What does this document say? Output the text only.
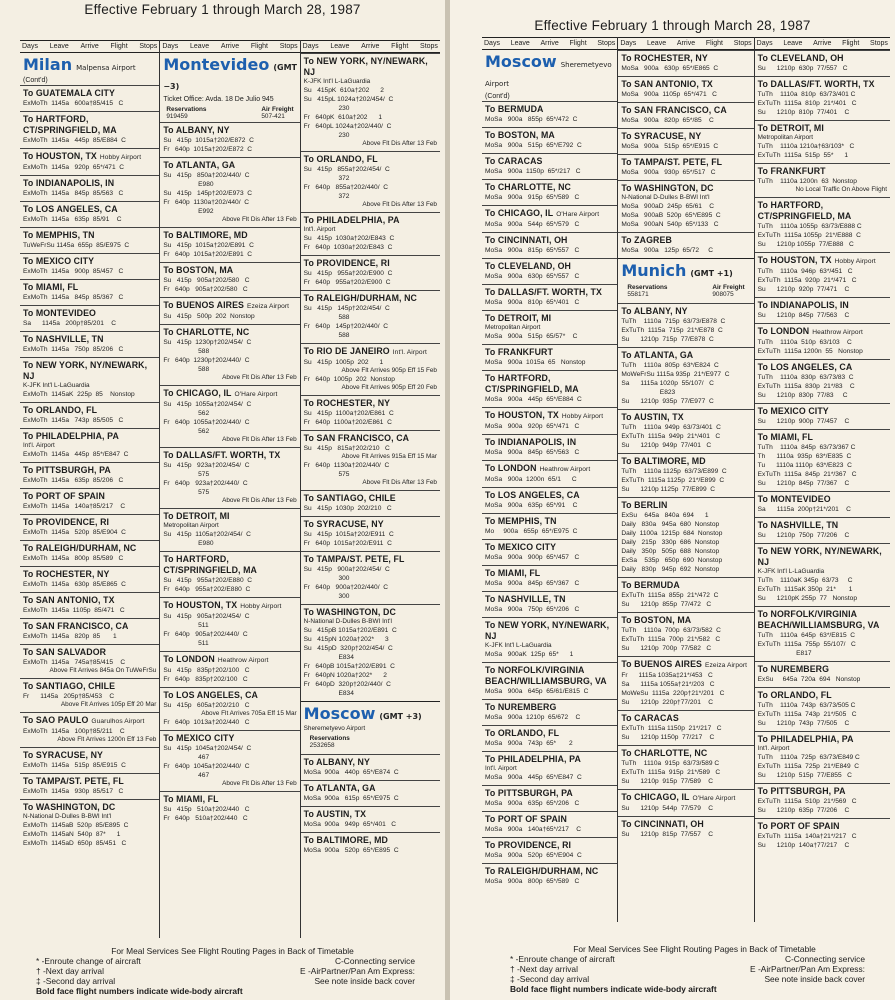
Effective February 1 through March 28, 1987
Days Leave Arrive Flight Stops
Milan Malpensa Airport
(Cont'd)
To GUATEMALA CITY
ExMoTh  1145a   600a†85/415   C
To HARTFORD, CT/SPRINGFIELD, MA
ExMoTh  1145a   445p  85/E884  C
To HOUSTON, TX Hobby Airport
ExMoTh  1145a   920p  65*/471  C
To INDIANAPOLIS, IN
ExMoTh  1145a   845p  85/563   C
To LOS ANGELES, CA
ExMoTh  1145a   635p  85/91    C
To MEMPHIS, TN
TuWeFrSu 1145a  655p  85/E975  C
To MEXICO CITY
ExMoTh  1145a   900p  85/457   C
To MIAMI, FL
ExMoTh  1145a   845p  85/367   C
To MONTEVIDEO
Sa      1145a   200p†85/201    C
To NASHVILLE, TN
ExMoTh  1145a   750p  85/206   C
To NEW YORK, NY/NEWARK, NJ
K-JFK Int'l L-LaGuardia
ExMoTh  1145aK  225p  85    Nonstop
To ORLANDO, FL
ExMoTh  1145a   743p  85/505   C
To PHILADELPHIA, PA
Int'l. Airport
ExMoTh  1145a   445p  85*/E847  C
To PITTSBURGH, PA
ExMoTh  1145a   635p  85/206   C
To PORT OF SPAIN
ExMoTh  1145a   140a†85/217    C
To PROVIDENCE, RI
ExMoTh  1145a   520p  85/E904  C
To RALEIGH/DURHAM, NC
ExMoTh  1145a   800p  85/589   C
To ROCHESTER, NY
ExMoTh  1145a   630p  85/E865  C
To SAN ANTONIO, TX
ExMoTh  1145a  1105p  85/471   C
To SAN FRANCISCO, CA
ExMoTh  1145a   820p  85       1
To SAN SALVADOR
ExMoTh  1145a   745a†85/415    C
Above Flt Arrives 845a On TuWeFrSu
To SANTIAGO, CHILE
Fr      1145a   205p†85/453    C
Above Flt Arrives 105p Eff 20 Mar
To SAO PAULO Guarulhos Airport
ExMoTh  1145a   100p†85/211    C
Above Flt Arrives 1200n Eff 13 Feb
To SYRACUSE, NY
ExMoTh  1145a   515p  85/E915  C
To TAMPA/ST. PETE, FL
ExMoTh  1145a   930p  85/517   C
To WASHINGTON, DC
N-National D-Dulles B-BWI Int'l
ExMoTh  1145aB  520p  85/E895  C
ExMoTh  1145aN  540p  87*      1
ExMoTh  1145aD  650p  85/451   C
Days Leave Arrive Flight Stops
Montevideo (GMT −3)
Ticket Office: Avda. 18 De Julio 945
Reservations
919459
Air Freight
507-421
To ALBANY, NY
Su   415p  1015a†202/E872  C
Fr   640p  1015a†202/E872  C
To ATLANTA, GA
Su   415p   850a†202/440/  C
E980
Su   415p   145p†202/E973  C
Fr   640p  1130a†202/440/  C
E992
Above Flt Dis After 13 Feb
To BALTIMORE, MD
Su   415p  1015a†202/E891  C
Fr   640p  1015a†202/E891  C
To BOSTON, MA
Su   415p   905a†202/580   C
Fr   640p   905a†202/580   C
To BUENOS AIRES Ezeiza Airport
Su   415p   500p  202  Nonstop
To CHARLOTTE, NC
Su   415p  1230p†202/454/  C
588
Fr   640p  1230p†202/440/  C
588
Above Flt Dis After 13 Feb
To CHICAGO, IL O'Hare Airport
Su   415p  1055a†202/454/  C
562
Fr   640p  1055a†202/440/  C
562
Above Flt Dis After 13 Feb
To DALLAS/FT. WORTH, TX
Su   415p   923a†202/454/  C
575
Fr   640p   923a†202/440/  C
575
Above Flt Dis After 13 Feb
To DETROIT, MI
Metropolitan Airport
Su   415p  1105a†202/454/  C
E980
To HARTFORD, CT/SPRINGFIELD, MA
Su   415p   955a†202/E880  C
Fr   640p   955a†202/E880  C
To HOUSTON, TX Hobby Airport
Su   415p   905a†202/454/  C
511
Fr   640p   905a†202/440/  C
511
To LONDON Heathrow Airport
Su   415p   835p†202/100   C
Fr   640p   835p†202/100   C
To LOS ANGELES, CA
Su   415p   605a†202/210   C
Above Flt Arrives 705a Eff 15 Mar
Fr   640p  1013a†202/440   C
To MEXICO CITY
Su   415p  1045a†202/454/  C
467
Fr   640p  1045a†202/440/  C
467
Above Flt Dis After 13 Feb
To MIAMI, FL
Su   415p   510a†202/440   C
Fr   640p   510a†202/440   C
Days Leave Arrive Flight Stops
To NEW YORK, NY/NEWARK, NJ
K-JFK Int'l L-LaGuardia
Su   415pK  610a†202      2
Su   415pL 1024a†202/454/  C
230
Fr   640pK  610a†202      1
Fr   640pL 1024a†202/440/  C
230
Above Flt Dis After 13 Feb
To ORLANDO, FL
Su   415p   855a†202/454/  C
372
Fr   640p   855a†202/440/  C
372
Above Flt Dis After 13 Feb
To PHILADELPHIA, PA
Int'l. Airport
Su   415p  1030a†202/E843  C
Fr   640p  1030a†202/E843  C
To PROVIDENCE, RI
Su   415p   955a†202/E900  C
Fr   640p   955a†202/E900  C
To RALEIGH/DURHAM, NC
Su   415p   145p†202/454/  C
588
Fr   640p   145p†202/440/  C
588
To RIO DE JANEIRO Int'l. Airport
Su   415p  1005p  202      1
Above Flt Arrives 905p Eff 15 Feb
Fr   640p  1005p  202  Nonstop
Above Flt Arrives 905p Eff 20 Feb
To ROCHESTER, NY
Su   415p  1100a†202/E861  C
Fr   640p  1100a†202/E861  C
To SAN FRANCISCO, CA
Su   415p   815a†202/210   C
Above Flt Arrives 915a Eff 15 Mar
Fr   640p  1130a†202/440/  C
575
Above Flt Dis After 13 Feb
To SANTIAGO, CHILE
Su   415p  1030p  202/210   C
To SYRACUSE, NY
Su   415p  1015a†202/E911  C
Fr   640p  1015a†202/E911  C
To TAMPA/ST. PETE, FL
Su   415p   900a†202/454/  C
300
Fr   640p   900a†202/440/  C
300
To WASHINGTON, DC
N-National D-Dulles B-BWI Int'l
Su   415pB 1015a†202/E891  C
Su   415pN 1020a†202*      3
Su   415pD  320p†202/454/  C
E834
Fr   640pB 1015a†202/E891  C
Fr   640pN 1020a†202*      2
Fr   640pD  320p†202/440/  C
E834
Moscow (GMT +3)
Sheremetyevo Airport
Reservations
2532658
To ALBANY, NY
MoSa  900a   440p  65*/E874  C
To ATLANTA, GA
MoSa  900a   615p  65*/E975  C
To AUSTIN, TX
MoSa  900a   949p  65*/401   C
To BALTIMORE, MD
MoSa  900a   520p  65*/E895  C
For Meal Services See Flight Routing Pages in Back of Timetable
* -Enroute change of aircraft	C-Connecting service
† -Next day arrival	E -AirPartner/Pan Am Express:
‡ -Second day arrival	See note inside back cover
Bold face flight numbers indicate wide-body aircraft
Effective February 1 through March 28, 1987
Days Leave Arrive Flight Stops
Moscow Sheremetyevo Airport
(Cont'd)
To BERMUDA
MoSa   900a   855p  65*/472  C
To BOSTON, MA
MoSa   900a   515p  65*/E792  C
To CARACAS
MoSa   900a  1150p  65*/217   C
To CHARLOTTE, NC
MoSa   900a   915p  65*/589   C
To CHICAGO, IL O'Hare Airport
MoSa   900a   544p  65*/579   C
To CINCINNATI, OH
MoSa   900a   815p  65*/557   C
To CLEVELAND, OH
MoSa   900a   630p  65*/557   C
To DALLAS/FT. WORTH, TX
MoSa   900a   810p  65*/401   C
To DETROIT, MI
Metropolitan Airport
MoSa   900a   515p  65/57*    C
To FRANKFURT
MoSa   900a  1015a  65   Nonstop
To HARTFORD, CT/SPRINGFIELD, MA
MoSa   900a   445p  65*/E884  C
To HOUSTON, TX Hobby Airport
MoSa   900a   920p  65*/471   C
To INDIANAPOLIS, IN
MoSa   900a   845p  65*/563   C
To LONDON Heathrow Airport
MoSa   900a  1200n  65/1      C
To LOS ANGELES, CA
MoSa   900a   635p  65*/91    C
To MEMPHIS, TN
Mo     900a   655p  65*/E975  C
To MEXICO CITY
MoSa   900a   900p  65*/457   C
To MIAMI, FL
MoSa   900a   845p  65*/367   C
To NASHVILLE, TN
MoSa   900a   750p  65*/206   C
To NEW YORK, NY/NEWARK, NJ
K-JFK Int'l L-LaGuardia
MoSa   900aK  125p  65*      1
To NORFOLK/VIRGINIA BEACH/WILLIAMSBURG, VA
MoSa   900a   645p  65/61/E815  C
To NUREMBERG
MoSa   900a  1210p  65/672    C
To ORLANDO, FL
MoSa   900a   743p  65*       2
To PHILADELPHIA, PA
Int'l. Airport
MoSa   900a   445p  65*/E847  C
To PITTSBURGH, PA
MoSa   900a   635p  65*/206   C
To PORT OF SPAIN
MoSa   900a   140a†65*/217    C
To PROVIDENCE, RI
MoSa   900a   520p  65*/E904  C
To RALEIGH/DURHAM, NC
MoSa   900a   800p  65*/589   C
Days Leave Arrive Flight Stops
To ROCHESTER, NY
MoSa   900a   630p  65*/E865  C
To SAN ANTONIO, TX
MoSa   900a  1105p  65*/471   C
To SAN FRANCISCO, CA
MoSa   900a   820p  65*/85    C
To SYRACUSE, NY
MoSa   900a   515p  65*/E915  C
To TAMPA/ST. PETE, FL
MoSa   900a   930p  65*/517   C
To WASHINGTON, DC
N-National D-Dulles B-BWI Int'l
MoSa   900aD  245p  65/61    C
MoSa   900aB  520p  65*/E895  C
MoSa   900aN  540p  65*/133   C
To ZAGREB
MoSa   900a   125p  65/72     C
Munich (GMT +1)
Reservations
558171
Air Freight
908075
To ALBANY, NY
TuTh    1110a  715p  63/73/E878  C
ExTuTh  1115a  715p  21*/E878  C
Su      1210p  715p  77/E878  C
To ATLANTA, GA
TuTh    1110a  805p  63*/E824  C
MoWeFrSu 1115a 935p  21*/E977  C
Sa      1115a 1020p  55/107/   C
E823
Su      1210p  935p  77/E977  C
To AUSTIN, TX
TuTh    1110a  949p  63/73/401  C
ExTuTh  1115a  949p  21*/401   C
Su      1210p  949p  77/401   C
To BALTIMORE, MD
TuTh    1110a 1125p  63/73/E899  C
ExTuTh  1115a 1125p  21*/E899  C
Su      1210p 1125p  77/E899  C
To BERLIN
ExSu    645a   840a  694      1
Daily   830a   945a  680  Nonstop
Daily  1100a  1215p  684  Nonstop
Daily   215p   330p  686  Nonstop
Daily   350p   505p  688  Nonstop
ExSa    535p   650p  690  Nonstop
Daily   830p   945p  692  Nonstop
To BERMUDA
ExTuTh  1115a  855p  21*/472  C
Su      1210p  855p  77/472   C
To BOSTON, MA
TuTh    1110a  700p  63/73/582  C
ExTuTh  1115a  700p  21*/582   C
Su      1210p  700p  77/582   C
To BUENOS AIRES Ezeiza Airport
Fr      1115a 1035a‡21*/453   C
Sa      1115a 1055a†21*/203   C
MoWeSu  1115a  220p†21*/201   C
Su      1210p  220p†77/201    C
To CARACAS
ExTuTh  1115a 1150p  21*/217   C
Su      1210p 1150p  77/217    C
To CHARLOTTE, NC
TuTh    1110a  915p  63/73/589 C
ExTuTh  1115a  915p  21*/589   C
Su      1210p  915p  77/589    C
To CHICAGO, IL O'Hare Airport
Su      1210p  544p  77/579    C
To CINCINNATI, OH
Su      1210p  815p  77/557    C
Days Leave Arrive Flight Stops
To CLEVELAND, OH
Su      1210p  630p  77/557   C
To DALLAS/FT. WORTH, TX
TuTh    1110a  810p  63/73/401 C
ExTuTh  1115a  810p  21*/401   C
Su      1210p  810p  77/401    C
To DETROIT, MI
Metropolitan Airport
TuTh    1110a 1210a†63/103*   C
ExTuTh  1115a  515p  55*      1
To FRANKFURT
TuTh    1110a 1200n  63  Nonstop
No Local Traffic On Above Flight
To HARTFORD, CT/SPRINGFIELD, MA
TuTh    1110a 1055p  63/73/E888 C
ExTuTh  1115a 1055p  21*/E888  C
Su      1210p 1055p  77/E888   C
To HOUSTON, TX Hobby Airport
TuTh    1110a  946p  63*/451   C
ExTuTh  1115a  920p  21*/471   C
Su      1210p  920p  77/471    C
To INDIANAPOLIS, IN
Su      1210p  845p  77/563    C
To LONDON Heathrow Airport
TuTh    1110a  510p  63/103    C
ExTuTh  1115a 1200n  55   Nonstop
To LOS ANGELES, CA
TuTh    1110a  830p  63/73/83  C
ExTuTh  1115a  830p  21*/83    C
Su      1210p  830p  77/83     C
To MEXICO CITY
Su      1210p  900p  77/457    C
To MIAMI, FL
TuTh    1110a  845p  63/73/367 C
Th      1110a  935p  63*/E835  C
Tu      1110a 1110p  63*/E823  C
ExTuTh  1115a  845p  21*/367   C
Su      1210p  845p  77/367    C
To MONTEVIDEO
Sa      1115a  200p†21*/201    C
To NASHVILLE, TN
Su      1210p  750p  77/206    C
To NEW YORK, NY/NEWARK, NJ
K-JFK Int'l L-LaGuardia
TuTh    1110aK 345p  63/73     C
ExTuTh  1115aK 350p  21*       1
Su      1210pK 255p  77   Nonstop
To NORFOLK/VIRGINIA BEACH/WILLIAMSBURG, VA
TuTh    1110a  645p  63*/E815  C
ExTuTh  1115a  755p  55/107/   C
E817
To NUREMBERG
ExSu     645a  720a  694   Nonstop
To ORLANDO, FL
TuTh    1110a  743p  63/73/505 C
ExTuTh  1115a  743p  21*/505   C
Su      1210p  743p  77/505    C
To PHILADELPHIA, PA
Int'l. Airport
TuTh    1110a  725p  63/73/E849 C
ExTuTh  1115a  725p  21*/E849  C
Su      1210p  515p  77/E855   C
To PITTSBURGH, PA
ExTuTh  1115a  510p  21*/569   C
Su      1210p  635p  77/206    C
To PORT OF SPAIN
ExTuTh  1115a  140a†21*/217   C
Su      1210p  140a†77/217    C
For Meal Services See Flight Routing Pages in Back of Timetable
* -Enroute change of aircraft	C-Connecting service
† -Next day arrival	E -AirPartner/Pan Am Express:
‡ -Second day arrival	See note inside back cover
Bold face flight numbers indicate wide-body aircraft
